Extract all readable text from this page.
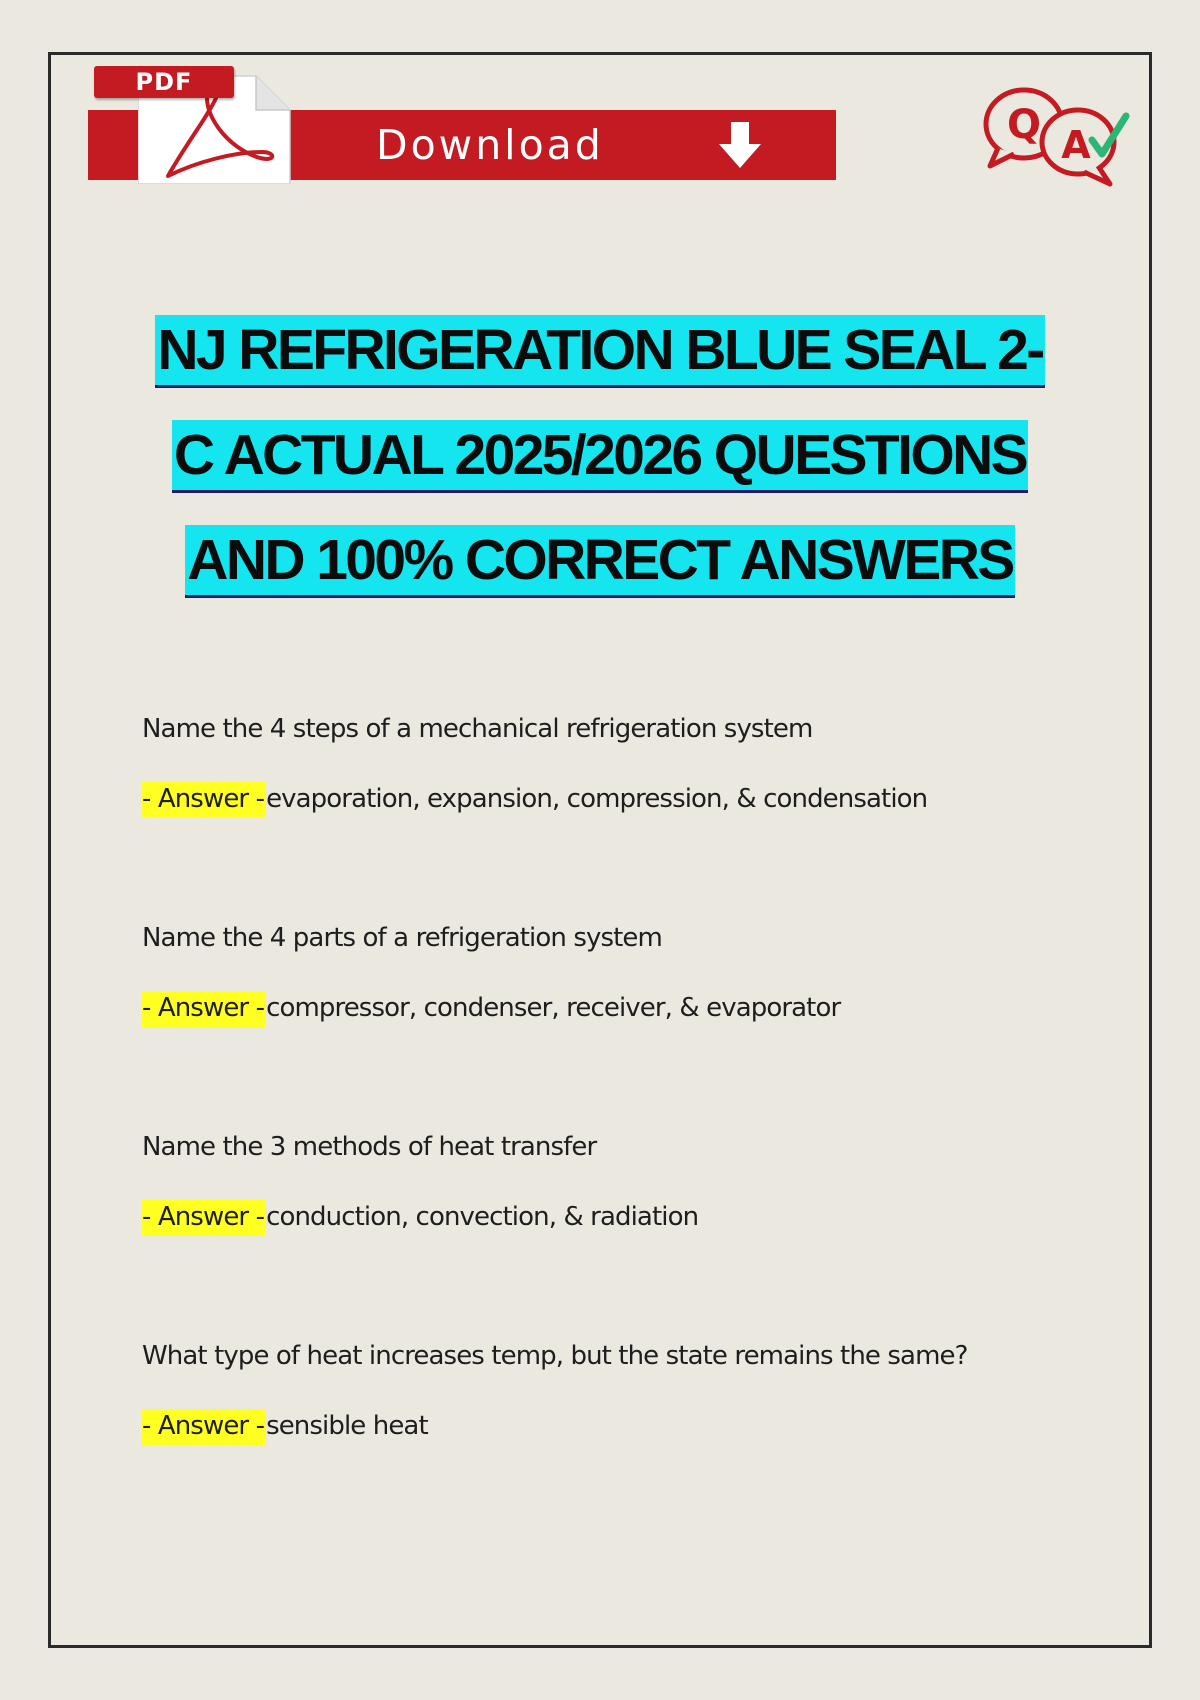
PDF
Download	Q A
NJ REFRIGERATION BLUE SEAL 2-
C ACTUAL 2025/2026 QUESTIONS
AND 100% CORRECT ANSWERS
Name the 4 steps of a mechanical refrigeration system
- Answer -evaporation, expansion, compression, & condensation
Name the 4 parts of a refrigeration system
- Answer -compressor, condenser, receiver, & evaporator
Name the 3 methods of heat transfer
- Answer -conduction, convection, & radiation
What type of heat increases temp, but the state remains the same?
- Answer -sensible heat
